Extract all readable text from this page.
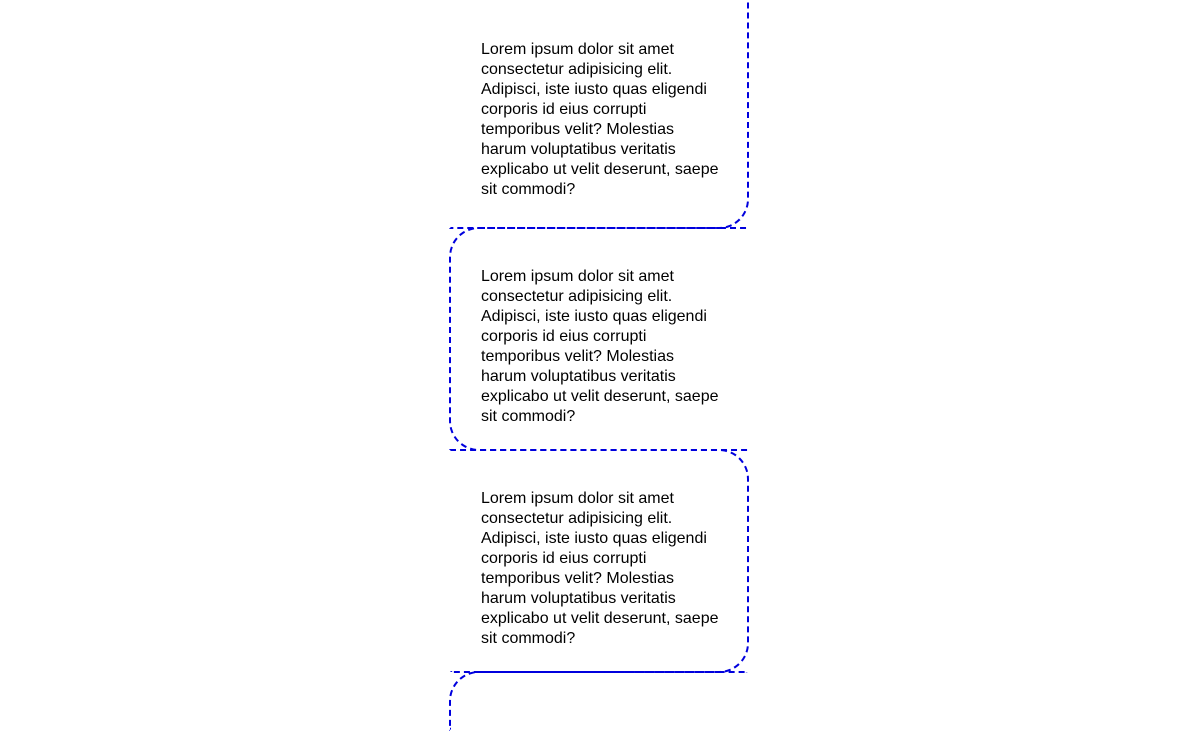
Lorem ipsum dolor sit amet consectetur adipisicing elit. Adipisci, iste iusto quas eligendi corporis id eius corrupti temporibus velit? Molestias harum voluptatibus veritatis explicabo ut velit deserunt, saepe sit commodi?

Lorem ipsum dolor sit amet consectetur adipisicing elit. Adipisci, iste iusto quas eligendi corporis id eius corrupti temporibus velit? Molestias harum voluptatibus veritatis explicabo ut velit deserunt, saepe sit commodi?

Lorem ipsum dolor sit amet consectetur adipisicing elit. Adipisci, iste iusto quas eligendi corporis id eius corrupti temporibus velit? Molestias harum voluptatibus veritatis explicabo ut velit deserunt, saepe sit commodi?
